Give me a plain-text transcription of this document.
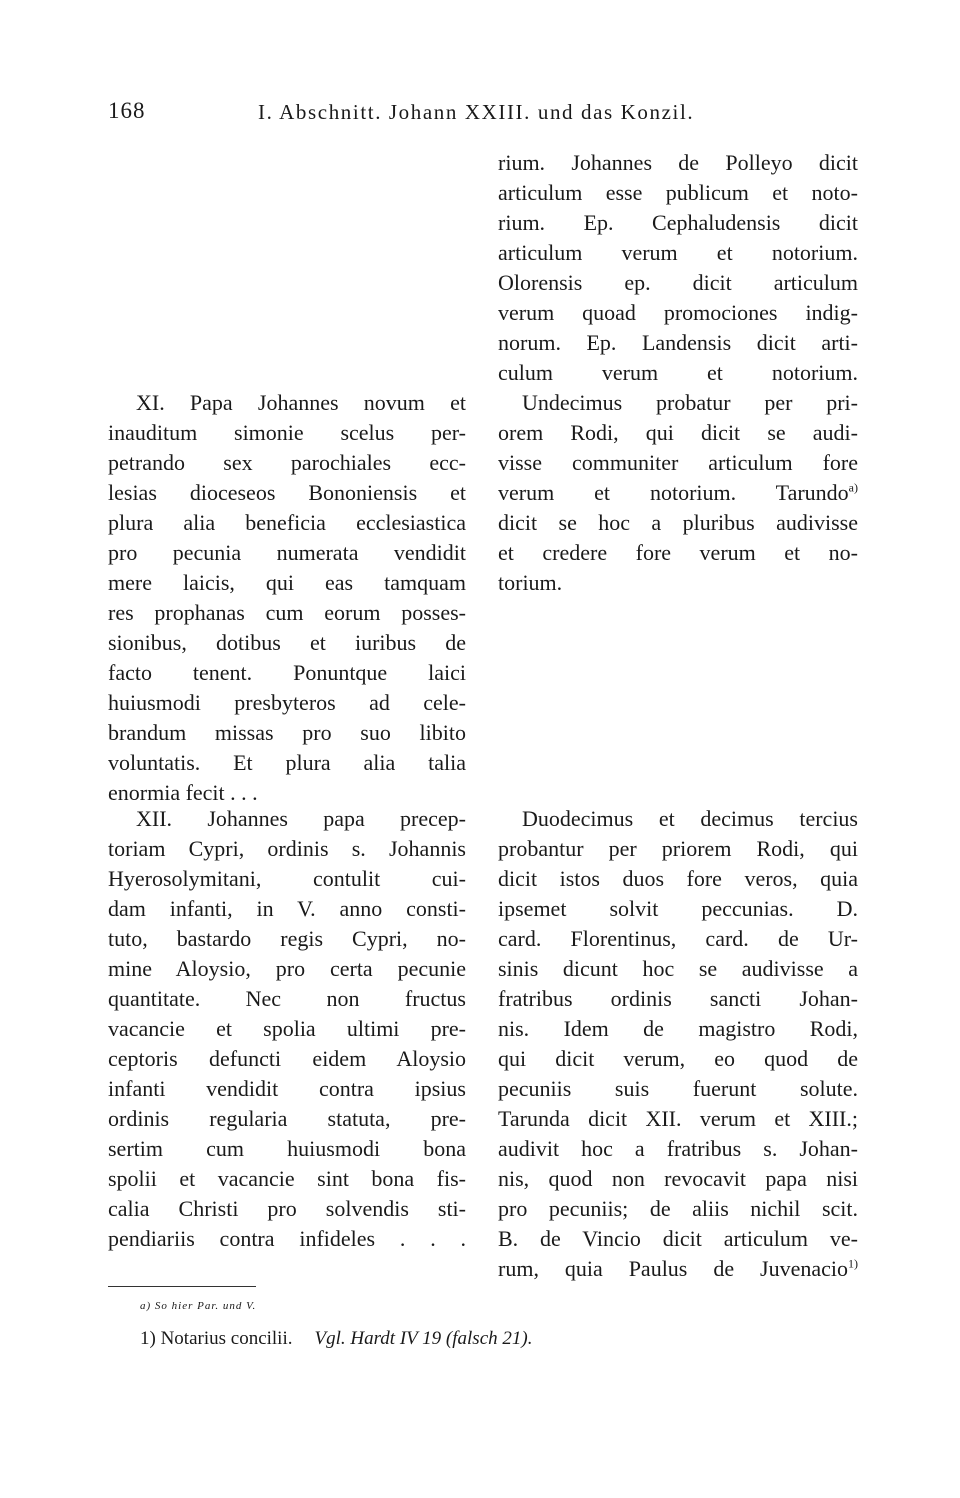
168	I. Abschnitt. Johann XXIII. und das Konzil.
rium. Johannes de Polleyo dicit
articulum esse publicum et noto-
rium. Ep. Cephaludensis dicit
articulum verum et notorium.
Olorensis ep. dicit articulum
verum quoad promociones indig-
norum. Ep. Landensis dicit arti-
culum verum et notorium.
Undecimus probatur per pri-
orem Rodi, qui dicit se audi-
visse communiter articulum fore
verum et notorium. Tarundo$^{a)}$
dicit se hoc a pluribus audivisse
et credere fore verum et no-
torium.
XI. Papa Johannes novum et
inauditum simonie scelus per-
petrando sex parochiales ecc-
lesias dioceseos Bononiensis et
plura alia beneficia ecclesiastica
pro pecunia numerata vendidit
mere laicis, qui eas tamquam
res prophanas cum eorum posses-
sionibus, dotibus et iuribus de
facto tenent. Ponuntque laici
huiusmodi presbyteros ad cele-
brandum missas pro suo libito
voluntatis. Et plura alia talia
enormia fecit . . .
XII. Johannes papa precep-
toriam Cypri, ordinis s. Johannis
Hyerosolymitani, contulit cui-
dam infanti, in V. anno consti-
tuto, bastardo regis Cypri, no-
mine Aloysio, pro certa pecunie
quantitate. Nec non fructus
vacancie et spolia ultimi pre-
ceptoris defuncti eidem Aloysio
infanti vendidit contra ipsius
ordinis regularia statuta, pre-
sertim cum huiusmodi bona
spolii et vacancie sint bona fis-
calia Christi pro solvendis sti-
pendiariis contra infideles . . .
Duodecimus et decimus tercius
probantur per priorem Rodi, qui
dicit istos duos fore veros, quia
ipsemet solvit peccunias. D.
card. Florentinus, card. de Ur-
sinis dicunt hoc se audivisse a
fratribus ordinis sancti Johan-
nis. Idem de magistro Rodi,
qui dicit verum, eo quod de
pecuniis suis fuerunt solute.
Tarunda dicit XII. verum et XIII.;
audivit hoc a fratribus s. Johan-
nis, quod non revocavit papa nisi
pro pecuniis; de aliis nichil scit.
B. de Vincio dicit articulum ve-
rum, quia Paulus de Juvenacio$^{1)}$
a) So hier Par. und V.
1) Notarius concilii. Vgl. Hardt IV 19 (falsch 21).
